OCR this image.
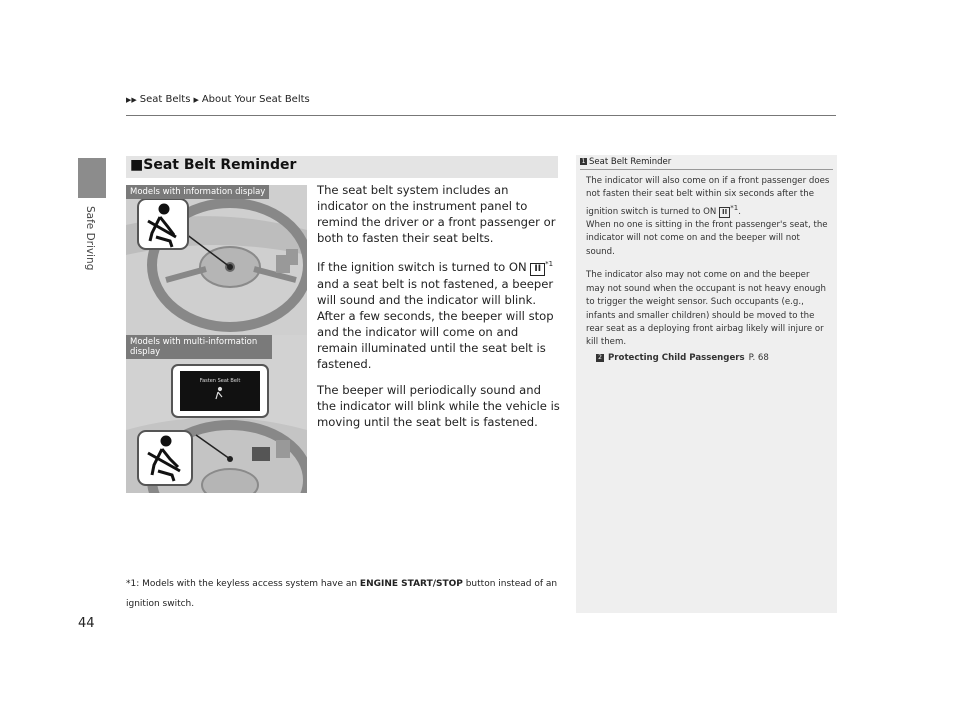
Safe Driving
▶▶ Seat Belts ▶ About Your Seat Belts
■Seat Belt Reminder
Models with information display
Fasten Seat Belt
Models with multi-information display

The seat belt system includes an indicator on the instrument panel to remind the driver or a front passenger or both to fasten their seat belts.

If the ignition switch is turned to ON II $^{*1}$ and a seat belt is not fastened, a beeper will sound and the indicator will blink. After a few seconds, the beeper will stop and the indicator will come on and remain illuminated until the seat belt is fastened.

The beeper will periodically sound and the indicator will blink while the vehicle is moving until the seat belt is fastened.

*1: Models with the keyless access system have an ENGINE START/STOP button instead of an ignition switch.
44
1 Seat Belt Reminder

The indicator will also come on if a front passenger does not fasten their seat belt within six seconds after the ignition switch is turned to ON II $^{*1}$.
When no one is sitting in the front passenger's seat, the indicator will not come on and the beeper will not sound.

The indicator also may not come on and the beeper may not sound when the occupant is not heavy enough to trigger the weight sensor. Such occupants (e.g., infants and smaller children) should be moved to the rear seat as a deploying front airbag likely will injure or kill them.

2 Protecting Child Passengers P. 68
